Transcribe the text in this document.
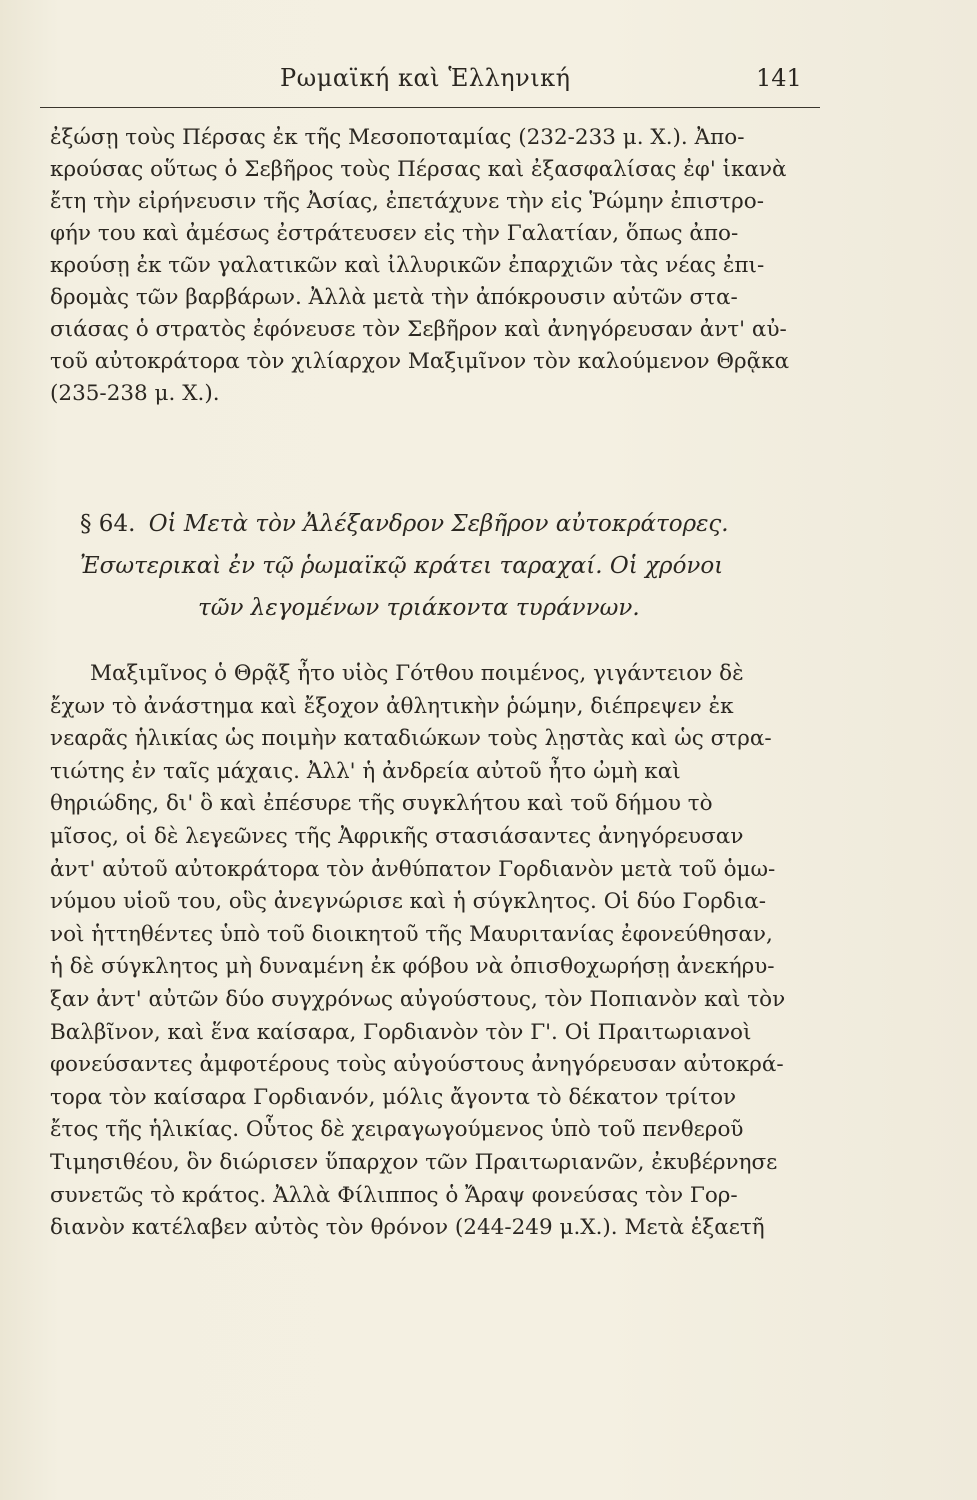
Ρωμαϊκή καὶ Ἑλληνική	141
ἐξώσῃ τοὺς Πέρσας ἐκ τῆς Μεσοποταμίας (232-233 μ. Χ.). Ἀπο-
κρούσας οὕτως ὁ Σεβῆρος τοὺς Πέρσας καὶ ἐξασφαλίσας ἐφ' ἱκανὰ
ἔτη τὴν εἰρήνευσιν τῆς Ἀσίας, ἐπετάχυνε τὴν εἰς Ῥώμην ἐπιστρο-
φήν του καὶ ἀμέσως ἐστράτευσεν εἰς τὴν Γαλατίαν, ὅπως ἀπο-
κρούσῃ ἐκ τῶν γαλατικῶν καὶ ἰλλυρικῶν ἐπαρχιῶν τὰς νέας ἐπι-
δρομὰς τῶν βαρβάρων. Ἀλλὰ μετὰ τὴν ἀπόκρουσιν αὐτῶν στα-
σιάσας ὁ στρατὸς ἐφόνευσε τὸν Σεβῆρον καὶ ἀνηγόρευσαν ἀντ' αὐ-
τοῦ αὐτοκράτορα τὸν χιλίαρχον Μαξιμῖνον τὸν καλούμενον Θρᾷκα
(235-238 μ. Χ.).
§ 64. Οἱ Μετὰ τὸν Ἀλέξανδρον Σεβῆρον αὐτοκράτορες.
Ἐσωτερικαὶ ἐν τῷ ῥωμαϊκῷ κράτει ταραχαί. Οἱ χρόνοι
τῶν λεγομένων τριάκοντα τυράννων.
Μαξιμῖνος ὁ Θρᾷξ ἦτο υἱὸς Γότθου ποιμένος, γιγάντειον δὲ
ἔχων τὸ ἀνάστημα καὶ ἔξοχον ἀθλητικὴν ῥώμην, διέπρεψεν ἐκ
νεαρᾶς ἡλικίας ὡς ποιμὴν καταδιώκων τοὺς λῃστὰς καὶ ὡς στρα-
τιώτης ἐν ταῖς μάχαις. Ἀλλ' ἡ ἀνδρεία αὐτοῦ ἦτο ὠμὴ καὶ
θηριώδης, δι' ὃ καὶ ἐπέσυρε τῆς συγκλήτου καὶ τοῦ δήμου τὸ
μῖσος, οἱ δὲ λεγεῶνες τῆς Ἀφρικῆς στασιάσαντες ἀνηγόρευσαν
ἀντ' αὐτοῦ αὐτοκράτορα τὸν ἀνθύπατον Γορδιανὸν μετὰ τοῦ ὁμω-
νύμου υἱοῦ του, οὓς ἀνεγνώρισε καὶ ἡ σύγκλητος. Οἱ δύο Γορδια-
νοὶ ἡττηθέντες ὑπὸ τοῦ διοικητοῦ τῆς Μαυριτανίας ἐφονεύθησαν,
ἡ δὲ σύγκλητος μὴ δυναμένη ἐκ φόβου νὰ ὀπισθοχωρήσῃ ἀνεκήρυ-
ξαν ἀντ' αὐτῶν δύο συγχρόνως αὐγούστους, τὸν Ποπιανὸν καὶ τὸν
Βαλβῖνον, καὶ ἕνα καίσαρα, Γορδιανὸν τὸν Γ'. Οἱ Πραιτωριανοὶ
φονεύσαντες ἀμφοτέρους τοὺς αὐγούστους ἀνηγόρευσαν αὐτοκρά-
τορα τὸν καίσαρα Γορδιανόν, μόλις ἄγοντα τὸ δέκατον τρίτον
ἔτος τῆς ἡλικίας. Οὗτος δὲ χειραγωγούμενος ὑπὸ τοῦ πενθεροῦ
Τιμησιθέου, ὃν διώρισεν ὕπαρχον τῶν Πραιτωριανῶν, ἐκυβέρνησε
συνετῶς τὸ κράτος. Ἀλλὰ Φίλιππος ὁ Ἄραψ φονεύσας τὸν Γορ-
διανὸν κατέλαβεν αὐτὸς τὸν θρόνον (244-249 μ.Χ.). Μετὰ ἑξαετῆ
